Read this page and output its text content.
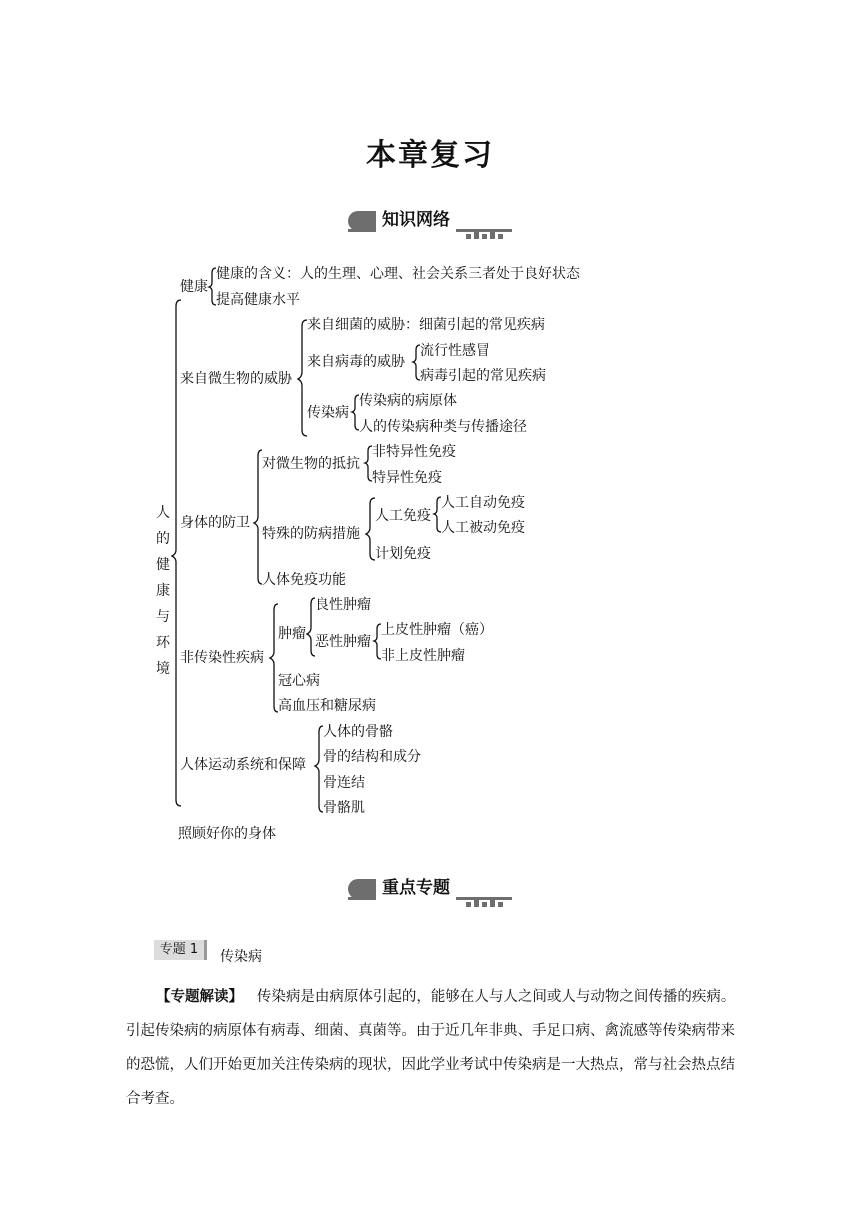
本章复习
知识网络
人的健康与环境
健康
健康的含义：人的生理、心理、社会关系三者处于良好状态
提高健康水平
来自微生物的威胁
来自细菌的威胁：细菌引起的常见疾病
来自病毒的威胁
流行性感冒
病毒引起的常见疾病
传染病
传染病的病原体
人的传染病种类与传播途径
身体的防卫
对微生物的抵抗
非特异性免疫
特异性免疫
特殊的防病措施
人工免疫
人工自动免疫
人工被动免疫
计划免疫
人体免疫功能
非传染性疾病
肿瘤
良性肿瘤
恶性肿瘤
上皮性肿瘤（癌）
非上皮性肿瘤
冠心病
高血压和糖尿病
人体运动系统和保障
人体的骨骼
骨的结构和成分
骨连结
骨骼肌
照顾好你的身体
重点专题
专题 1	传染病
【专题解读】 传染病是由病原体引起的，能够在人与人之间或人与动物之间传播的疾病。引起传染病的病原体有病毒、细菌、真菌等。由于近几年非典、手足口病、禽流感等传染病带来的恐慌，人们开始更加关注传染病的现状，因此学业考试中传染病是一大热点，常与社会热点结合考查。
